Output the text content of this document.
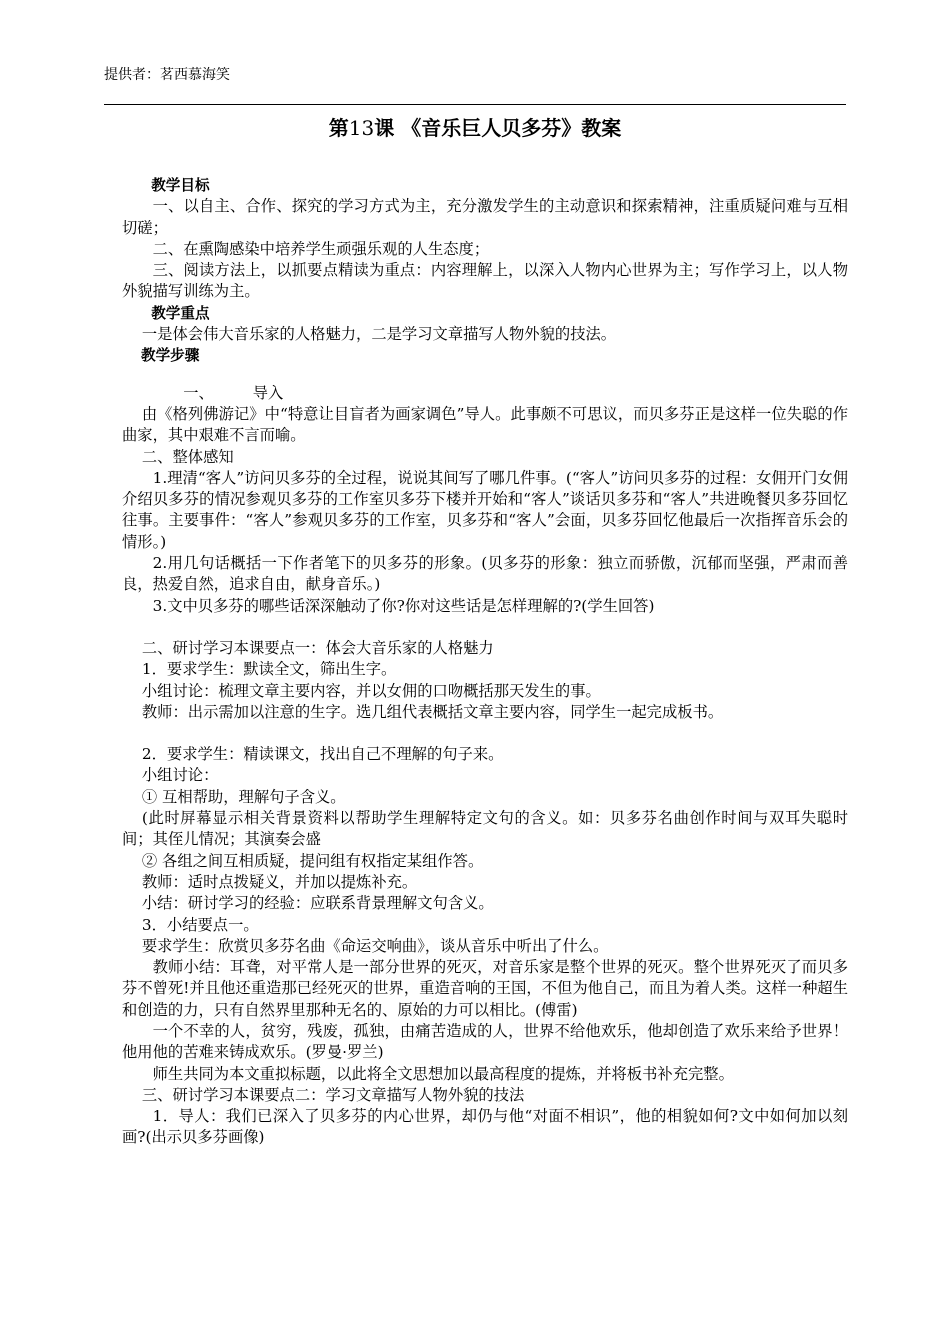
提供者：茗西慕海笑
第13课 《音乐巨人贝多芬》教案

教学目标

一、以自主、合作、探究的学习方式为主，充分激发学生的主动意识和探索精神，注重质疑问难与互相切磋；

二、在熏陶感染中培养学生顽强乐观的人生态度；

三、阅读方法上，以抓要点精读为重点：内容理解上，以深入人物内心世界为主；写作学习上，以人物外貌描写训练为主。

教学重点

一是体会伟大音乐家的人格魅力，二是学习文章描写人物外貌的技法。

教学步骤

一、	导入

由《格列佛游记》中“特意让目盲者为画家调色”导人。此事颇不可思议，而贝多芬正是这样一位失聪的作曲家，其中艰难不言而喻。

二、整体感知

1.理清“客人”访问贝多芬的全过程，说说其间写了哪几件事。(“客人”访问贝多芬的过程：女佣开门女佣介绍贝多芬的情况参观贝多芬的工作室贝多芬下楼并开始和“客人”谈话贝多芬和“客人”共进晚餐贝多芬回忆往事。主要事件：“客人”参观贝多芬的工作室，贝多芬和“客人”会面，贝多芬回忆他最后一次指挥音乐会的情形。)

2.用几句话概括一下作者笔下的贝多芬的形象。(贝多芬的形象：独立而骄傲，沉郁而坚强，严肃而善良，热爱自然，追求自由，献身音乐。)

3.文中贝多芬的哪些话深深触动了你?你对这些话是怎样理解的?(学生回答)

二、研讨学习本课要点一：体会大音乐家的人格魅力

1．要求学生：默读全文，筛出生字。

小组讨论：梳理文章主要内容，并以女佣的口吻概括那天发生的事。

教师：出示需加以注意的生字。选几组代表概括文章主要内容，同学生一起完成板书。

2．要求学生：精读课文，找出自己不理解的句子来。

小组讨论：

① 互相帮助，理解句子含义。

(此时屏幕显示相关背景资料以帮助学生理解特定文句的含义。如：贝多芬名曲创作时间与双耳失聪时间；其侄儿情况；其演奏会盛

② 各组之间互相质疑，提问组有权指定某组作答。

教师：适时点拨疑义，并加以提炼补充。

小结：研讨学习的经验：应联系背景理解文句含义。

3．小结要点一。

要求学生：欣赏贝多芬名曲《命运交响曲》，谈从音乐中听出了什么。

教师小结：耳聋，对平常人是一部分世界的死灭，对音乐家是整个世界的死灭。整个世界死灭了而贝多芬不曾死!并且他还重造那已经死灭的世界，重造音响的王国，不但为他自己，而且为着人类。这样一种超生和创造的力，只有自然界里那种无名的、原始的力可以相比。(傅雷)

一个不幸的人，贫穷，残废，孤独，由痛苦造成的人，世界不给他欢乐，他却创造了欢乐来给予世界！他用他的苦难来铸成欢乐。(罗曼·罗兰)

师生共同为本文重拟标题，以此将全文思想加以最高程度的提炼，并将板书补充完整。

三、研讨学习本课要点二：学习文章描写人物外貌的技法

1．导人：我们已深入了贝多芬的内心世界，却仍与他“对面不相识”，他的相貌如何?文中如何加以刻画?(出示贝多芬画像)
